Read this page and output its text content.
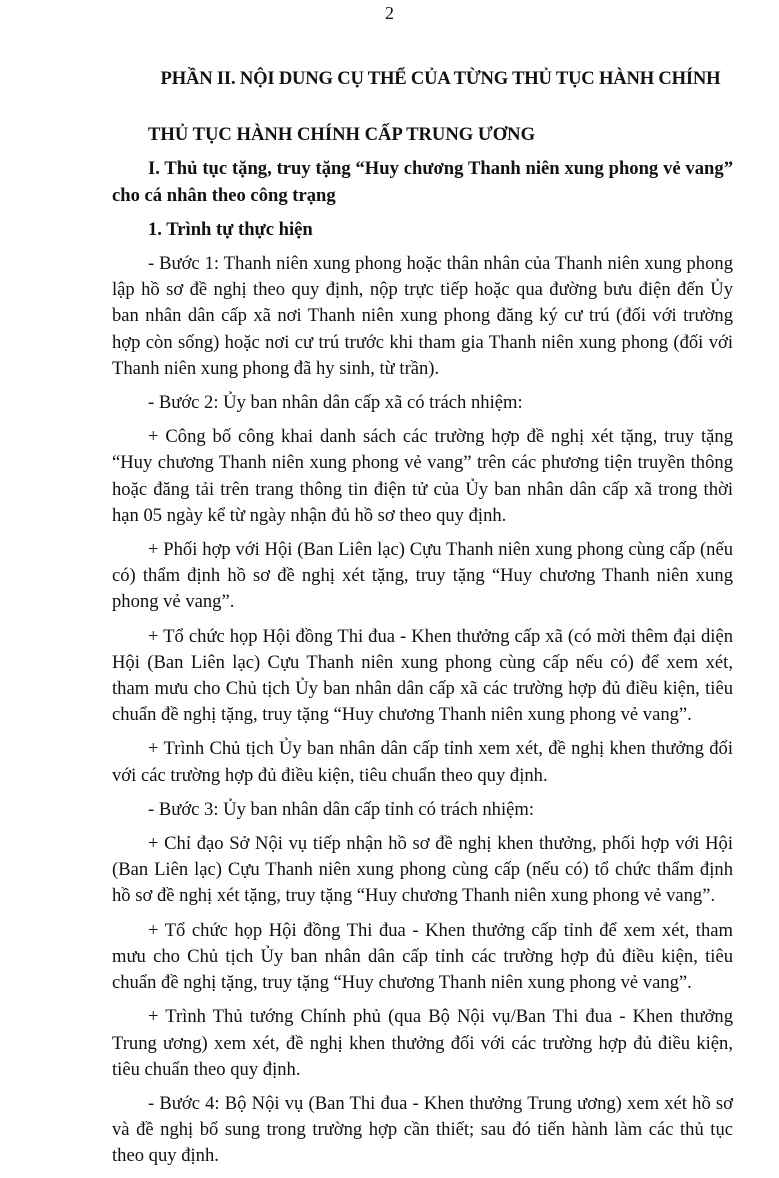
2
PHẦN II. NỘI DUNG CỤ THỂ CỦA TỪNG THỦ TỤC HÀNH CHÍNH
THỦ TỤC HÀNH CHÍNH CẤP TRUNG ƯƠNG
I. Thủ tục tặng, truy tặng “Huy chương Thanh niên xung phong vẻ vang” cho cá nhân theo công trạng
1. Trình tự thực hiện

- Bước 1: Thanh niên xung phong hoặc thân nhân của Thanh niên xung phong lập hồ sơ đề nghị theo quy định, nộp trực tiếp hoặc qua đường bưu điện đến Ủy ban nhân dân cấp xã nơi Thanh niên xung phong đăng ký cư trú (đối với trường hợp còn sống) hoặc nơi cư trú trước khi tham gia Thanh niên xung phong (đối với Thanh niên xung phong đã hy sinh, từ trần).

- Bước 2: Ủy ban nhân dân cấp xã có trách nhiệm:

+ Công bố công khai danh sách các trường hợp đề nghị xét tặng, truy tặng “Huy chương Thanh niên xung phong vẻ vang” trên các phương tiện truyền thông hoặc đăng tải trên trang thông tin điện tử của Ủy ban nhân dân cấp xã trong thời hạn 05 ngày kể từ ngày nhận đủ hồ sơ theo quy định.

+ Phối hợp với Hội (Ban Liên lạc) Cựu Thanh niên xung phong cùng cấp (nếu có) thẩm định hồ sơ đề nghị xét tặng, truy tặng “Huy chương Thanh niên xung phong vẻ vang”.

+ Tổ chức họp Hội đồng Thi đua - Khen thưởng cấp xã (có mời thêm đại diện Hội (Ban Liên lạc) Cựu Thanh niên xung phong cùng cấp nếu có) để xem xét, tham mưu cho Chủ tịch Ủy ban nhân dân cấp xã các trường hợp đủ điều kiện, tiêu chuẩn đề nghị tặng, truy tặng “Huy chương Thanh niên xung phong vẻ vang”.

+ Trình Chủ tịch Ủy ban nhân dân cấp tỉnh xem xét, đề nghị khen thưởng đối với các trường hợp đủ điều kiện, tiêu chuẩn theo quy định.

- Bước 3: Ủy ban nhân dân cấp tỉnh có trách nhiệm:

+ Chỉ đạo Sở Nội vụ tiếp nhận hồ sơ đề nghị khen thưởng, phối hợp với Hội (Ban Liên lạc) Cựu Thanh niên xung phong cùng cấp (nếu có) tổ chức thẩm định hồ sơ đề nghị xét tặng, truy tặng “Huy chương Thanh niên xung phong vẻ vang”.

+ Tổ chức họp Hội đồng Thi đua - Khen thưởng cấp tỉnh để xem xét, tham mưu cho Chủ tịch Ủy ban nhân dân cấp tỉnh các trường hợp đủ điều kiện, tiêu chuẩn đề nghị tặng, truy tặng “Huy chương Thanh niên xung phong vẻ vang”.

+ Trình Thủ tướng Chính phủ (qua Bộ Nội vụ/Ban Thi đua - Khen thưởng Trung ương) xem xét, đề nghị khen thưởng đối với các trường hợp đủ điều kiện, tiêu chuẩn theo quy định.

- Bước 4: Bộ Nội vụ (Ban Thi đua - Khen thưởng Trung ương) xem xét hồ sơ và đề nghị bổ sung trong trường hợp cần thiết; sau đó tiến hành làm các thủ tục theo quy định.
